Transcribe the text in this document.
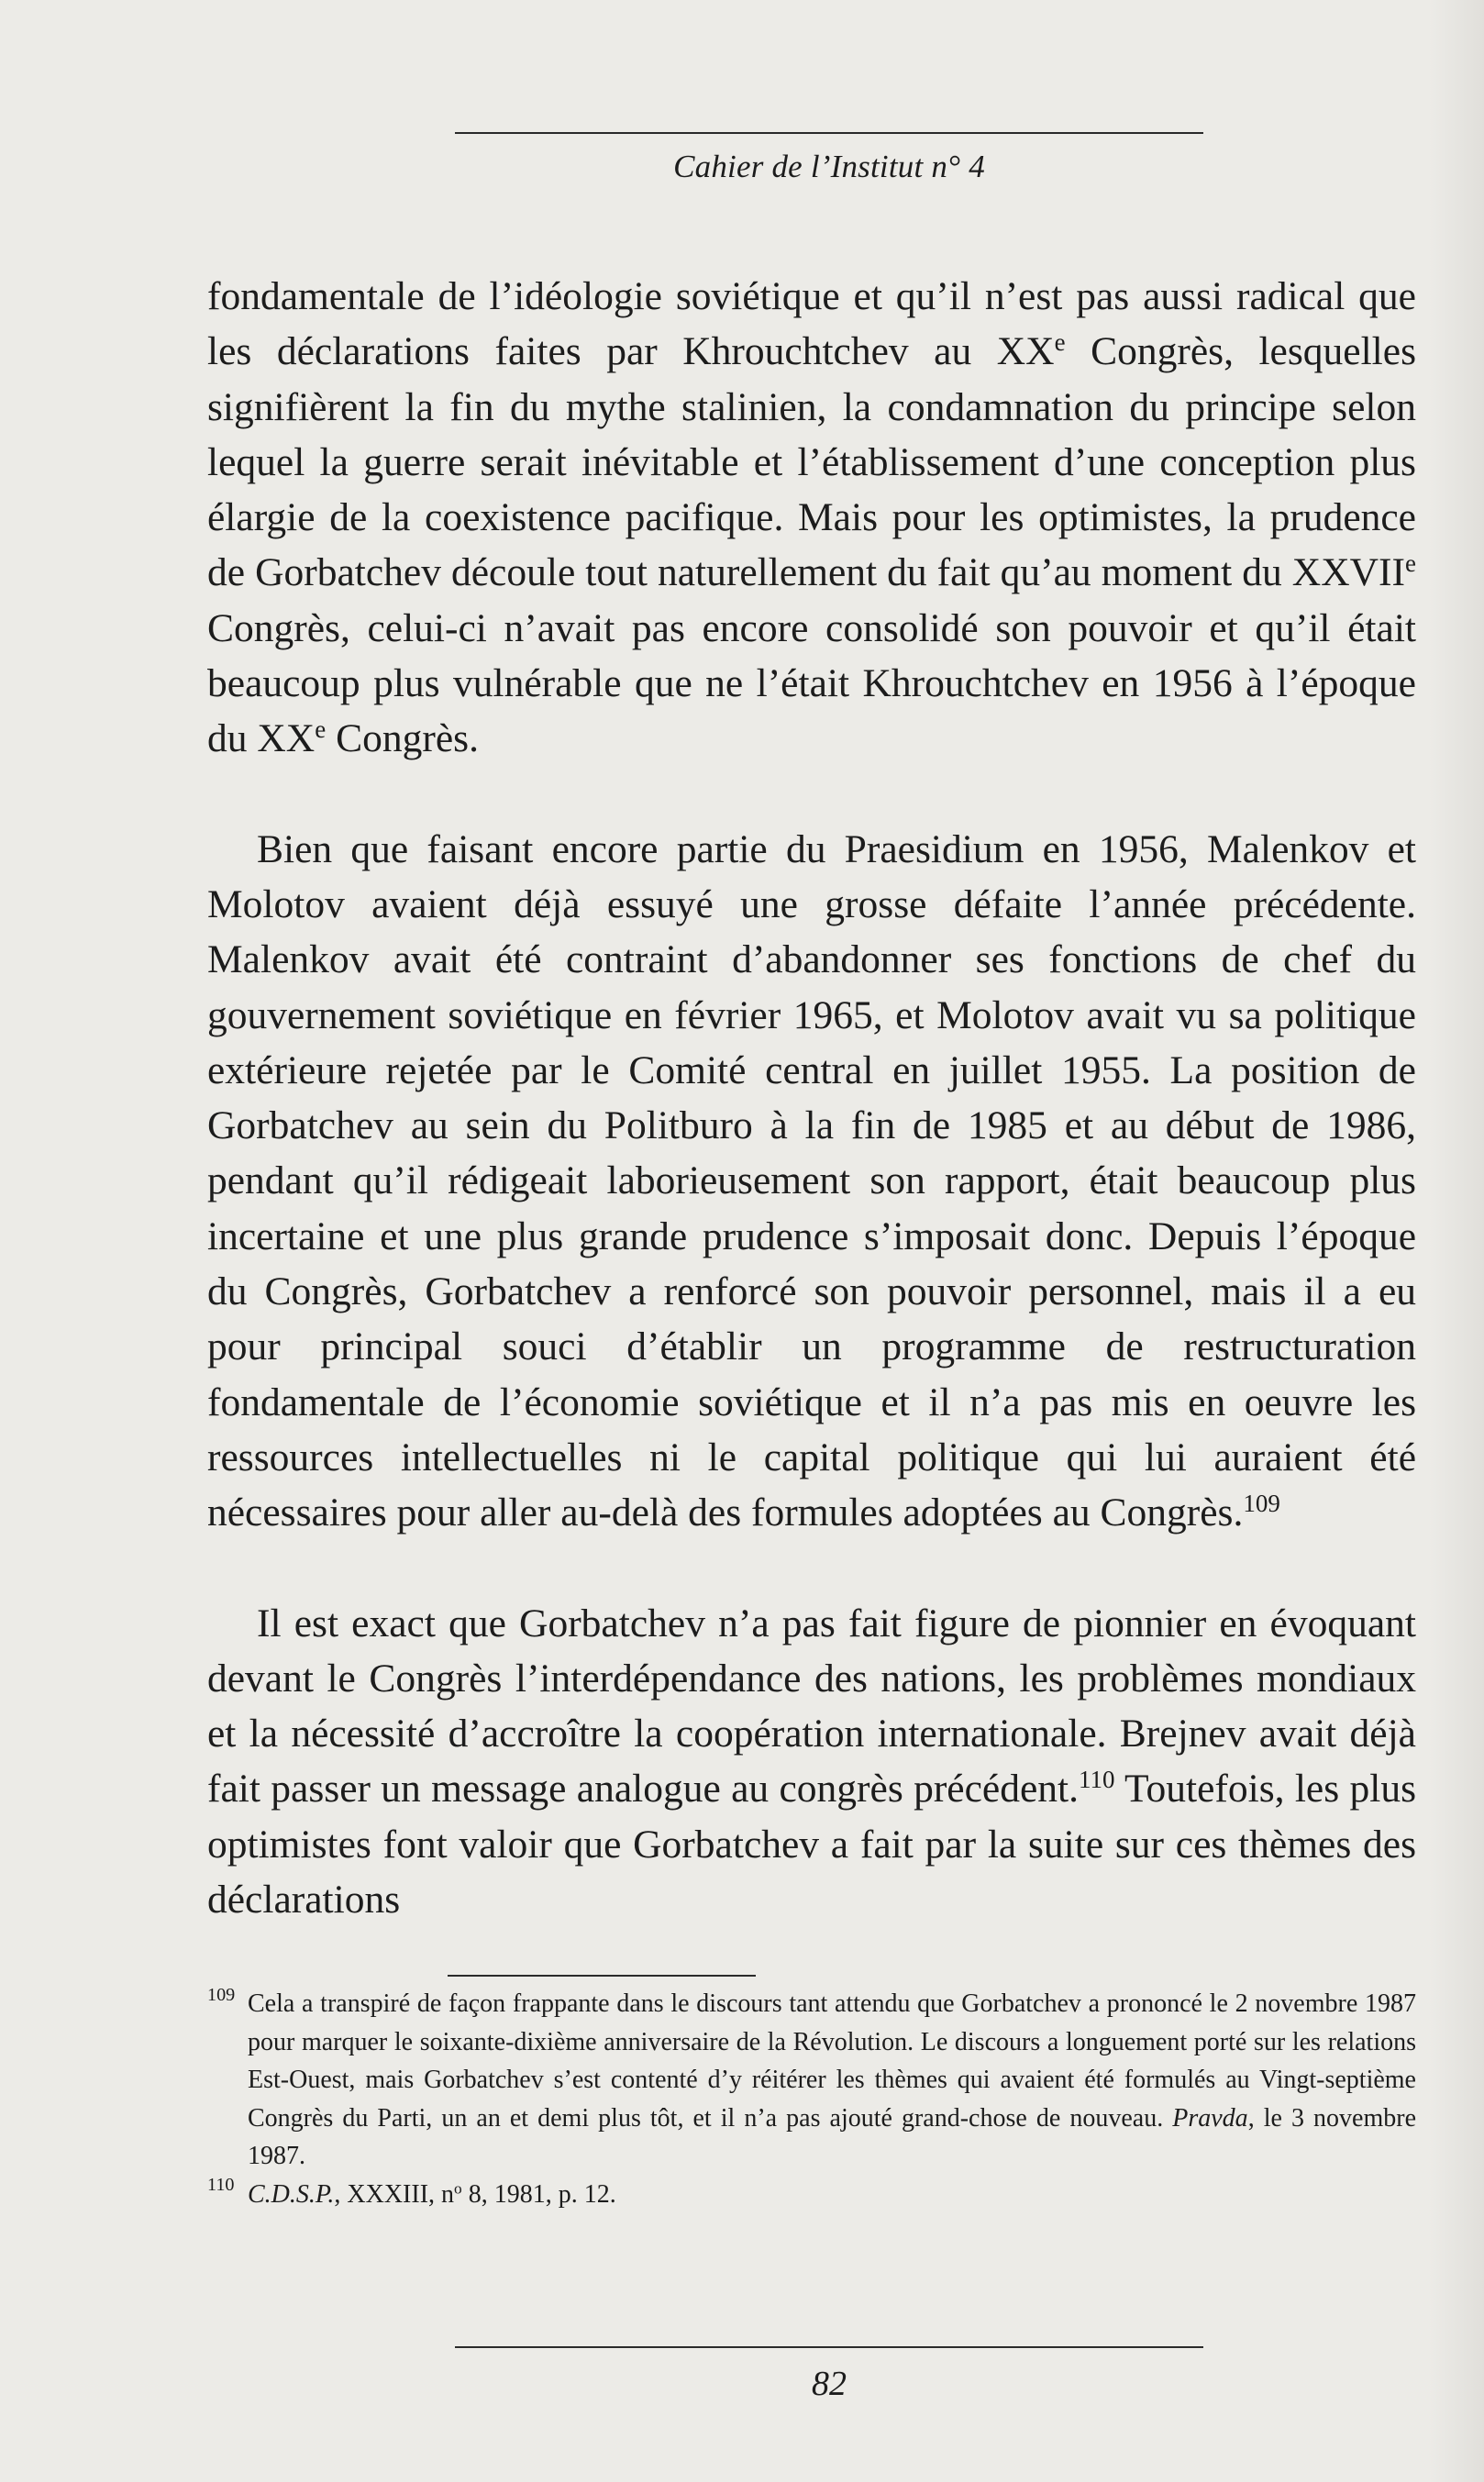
Cahier de l’Institut n° 4

fondamentale de l’idéologie soviétique et qu’il n’est pas aussi radical que les déclarations faites par Khrouchtchev au XXe Congrès, lesquelles signifièrent la fin du mythe stalinien, la condamnation du principe selon lequel la guerre serait inévitable et l’établissement d’une conception plus élargie de la coexistence pacifique. Mais pour les optimistes, la prudence de Gorbatchev découle tout naturellement du fait qu’au moment du XXVIIe Congrès, celui-ci n’avait pas encore consolidé son pouvoir et qu’il était beaucoup plus vulnérable que ne l’était Khrouchtchev en 1956 à l’époque du XXe Congrès.

Bien que faisant encore partie du Praesidium en 1956, Malenkov et Molotov avaient déjà essuyé une grosse défaite l’année précédente. Malenkov avait été contraint d’abandonner ses fonctions de chef du gouvernement soviétique en février 1965, et Molotov avait vu sa politique extérieure rejetée par le Comité central en juillet 1955. La position de Gorbatchev au sein du Politburo à la fin de 1985 et au début de 1986, pendant qu’il rédigeait laborieusement son rapport, était beaucoup plus incertaine et une plus grande prudence s’imposait donc. Depuis l’époque du Congrès, Gorbatchev a renforcé son pouvoir personnel, mais il a eu pour principal souci d’établir un programme de restructuration fondamentale de l’économie soviétique et il n’a pas mis en oeuvre les ressources intellectuelles ni le capital politique qui lui auraient été nécessaires pour aller au-delà des formules adoptées au Congrès.$^{109}$

Il est exact que Gorbatchev n’a pas fait figure de pionnier en évoquant devant le Congrès l’interdépendance des nations, les problèmes mondiaux et la nécessité d’accroître la coopération internationale. Brejnev avait déjà fait passer un message analogue au congrès précédent.$^{110}$ Toutefois, les plus optimistes font valoir que Gorbatchev a fait par la suite sur ces thèmes des déclarations

109 Cela a transpiré de façon frappante dans le discours tant attendu que Gorbatchev a prononcé le 2 novembre 1987 pour marquer le soixante-dixième anniversaire de la Révolution. Le discours a longuement porté sur les relations Est-Ouest, mais Gorbatchev s’est contenté d’y réitérer les thèmes qui avaient été formulés au Vingt-septième Congrès du Parti, un an et demi plus tôt, et il n’a pas ajouté grand-chose de nouveau. Pravda, le 3 novembre 1987.
110 C.D.S.P., XXXIII, $n^o$ 8, 1981, p. 12.
82
